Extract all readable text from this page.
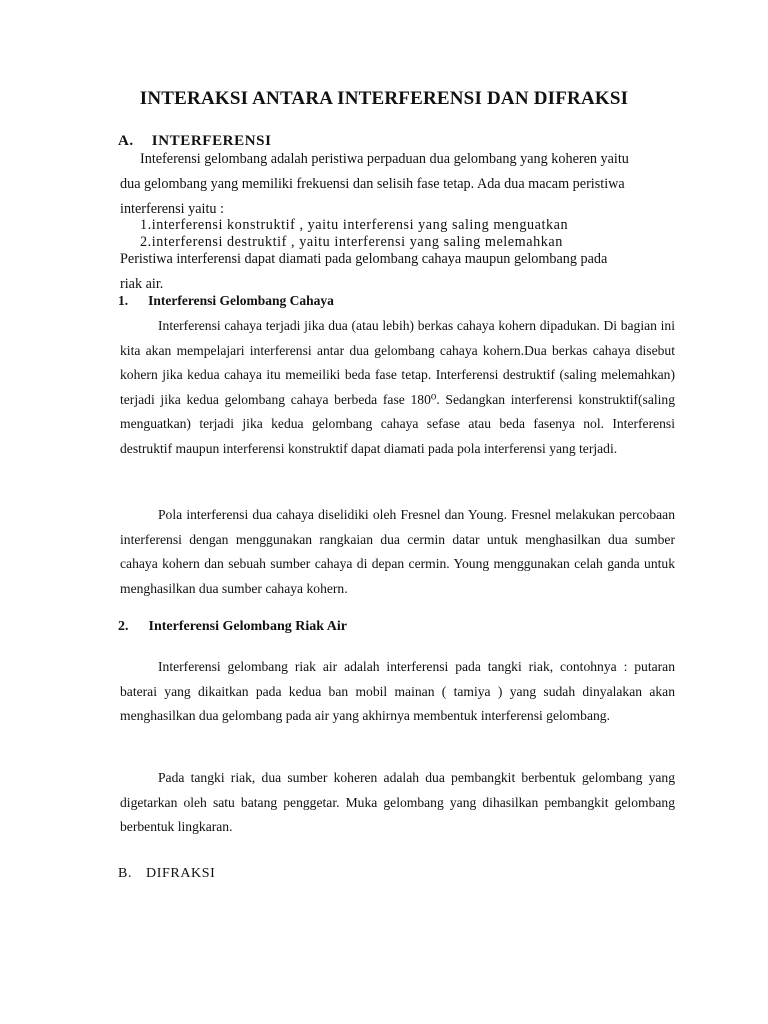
INTERAKSI ANTARA INTERFERENSI DAN DIFRAKSI
A. INTERFERENSI
Inteferensi gelombang adalah peristiwa perpaduan dua gelombang yang koheren yaitu
dua gelombang yang memiliki frekuensi dan selisih fase tetap. Ada dua macam peristiwa
interferensi yaitu :
1.interferensi konstruktif , yaitu interferensi yang saling menguatkan
2.interferensi destruktif , yaitu interferensi yang saling melemahkan
Peristiwa interferensi dapat diamati pada gelombang cahaya maupun gelombang pada
riak air.
1. Interferensi Gelombang Cahaya
Interferensi cahaya terjadi jika dua (atau lebih) berkas cahaya kohern dipadukan. Di bagian ini kita akan mempelajari interferensi antar dua gelombang cahaya kohern.Dua berkas cahaya disebut kohern jika kedua cahaya itu memeiliki beda fase tetap. Interferensi destruktif (saling melemahkan) terjadi jika kedua gelombang cahaya berbeda fase 180⁰. Sedangkan interferensi konstruktif(saling menguatkan) terjadi jika kedua gelombang cahaya sefase atau beda fasenya nol. Interferensi destruktif maupun interferensi konstruktif dapat diamati pada pola interferensi yang terjadi.
Pola interferensi dua cahaya diselidiki oleh Fresnel dan Young. Fresnel melakukan percobaan interferensi dengan menggunakan rangkaian dua cermin datar untuk menghasilkan dua sumber cahaya kohern dan sebuah sumber cahaya di depan cermin. Young menggunakan celah ganda untuk menghasilkan dua sumber cahaya kohern.
2. Interferensi Gelombang Riak Air
Interferensi gelombang riak air adalah interferensi pada tangki riak, contohnya : putaran baterai yang dikaitkan pada kedua ban mobil mainan ( tamiya ) yang sudah dinyalakan akan menghasilkan dua gelombang pada air yang akhirnya membentuk interferensi gelombang.
Pada tangki riak, dua sumber koheren adalah dua pembangkit berbentuk gelombang yang digetarkan oleh satu batang penggetar. Muka gelombang yang dihasilkan pembangkit gelombang berbentuk lingkaran.
B. DIFRAKSI
